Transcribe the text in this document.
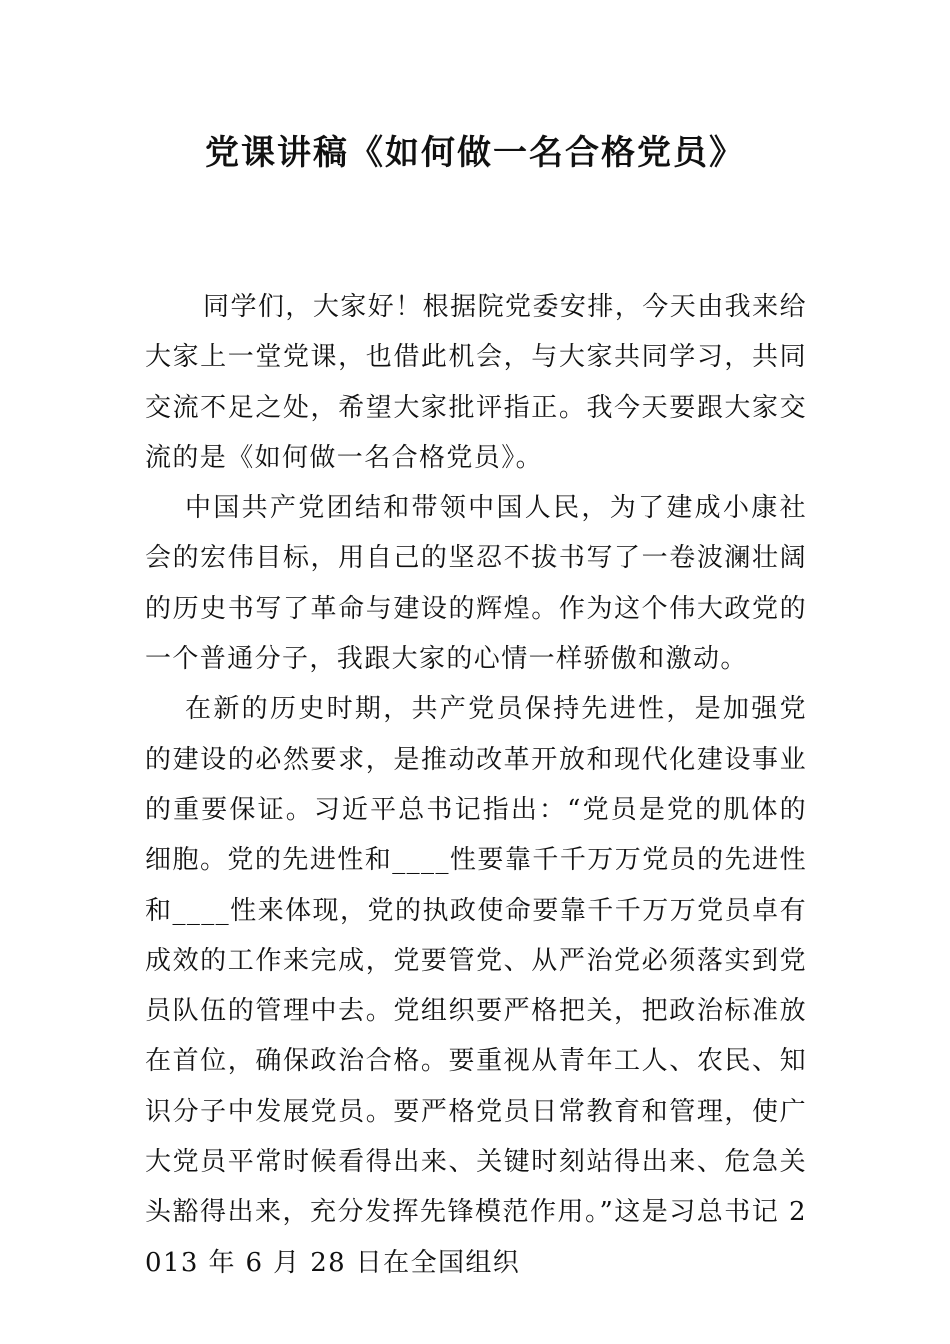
党课讲稿《如何做一名合格党员》

同学们，大家好！根据院党委安排，今天由我来给大家上一堂党课，也借此机会，与大家共同学习，共同交流不足之处，希望大家批评指正。我今天要跟大家交流的是《如何做一名合格党员》。

中国共产党团结和带领中国人民，为了建成小康社会的宏伟目标，用自己的坚忍不拔书写了一卷波澜壮阔的历史书写了革命与建设的辉煌。作为这个伟大政党的一个普通分子，我跟大家的心情一样骄傲和激动。

在新的历史时期，共产党员保持先进性，是加强党的建设的必然要求，是推动改革开放和现代化建设事业的重要保证。习近平总书记指出：“党员是党的肌体的细胞。党的先进性和____性要靠千千万万党员的先进性和____性来体现，党的执政使命要靠千千万万党员卓有成效的工作来完成，党要管党、从严治党必须落实到党员队伍的管理中去。党组织要严格把关，把政治标准放在首位，确保政治合格。要重视从青年工人、农民、知识分子中发展党员。要严格党员日常教育和管理，使广大党员平常时候看得出来、关键时刻站得出来、危急关头豁得出来，充分发挥先锋模范作用。”这是习总书记 2013 年 6 月 28 日在全国组织
